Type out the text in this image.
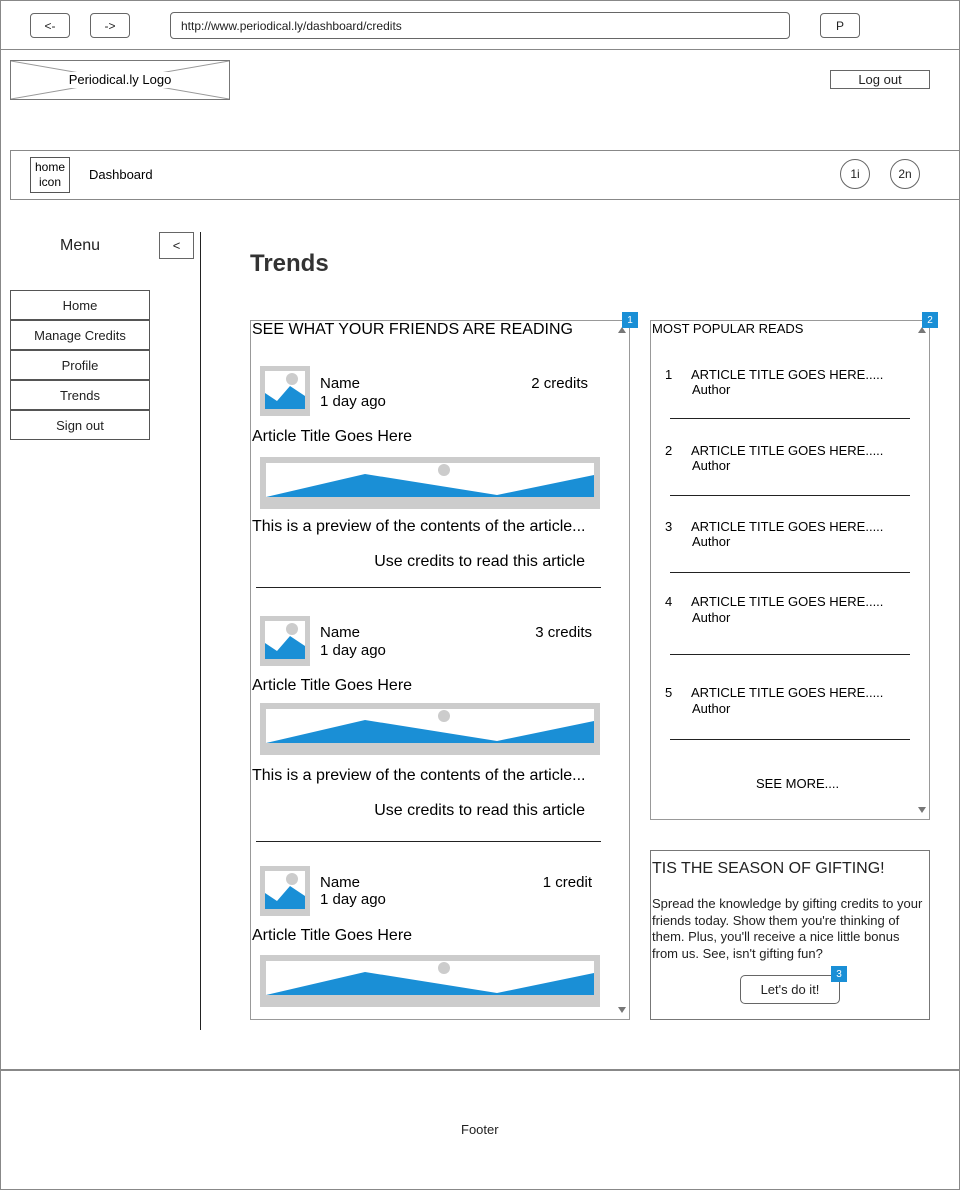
<-	->	http://www.periodical.ly/dashboard/credits	P
Periodical.ly Logo	Log out
home icon	Dashboard	1i	2n
Menu	<
Home
Manage Credits
Profile
Trends
Sign out
Trends
SEE WHAT YOUR FRIENDS ARE READING
Name
1 day ago
2 credits
Article Title Goes Here
This is a preview of the contents of the article...
Use credits to read this article
Name
1 day ago
3 credits
Article Title Goes Here
This is a preview of the contents of the article...
Use credits to read this article
Name
1 day ago
1 credit
Article Title Goes Here
1
MOST POPULAR READS
1 ARTICLE TITLE GOES HERE.....
Author
2 ARTICLE TITLE GOES HERE.....
Author
3 ARTICLE TITLE GOES HERE.....
Author
4 ARTICLE TITLE GOES HERE.....
Author
5 ARTICLE TITLE GOES HERE.....
Author
SEE MORE....
2
TIS THE SEASON OF GIFTING!
Spread the knowledge by gifting credits to your friends today. Show them you're thinking of them. Plus, you'll receive a nice little bonus from us. See, isn't gifting fun?
Let's do it!
3
Footer
